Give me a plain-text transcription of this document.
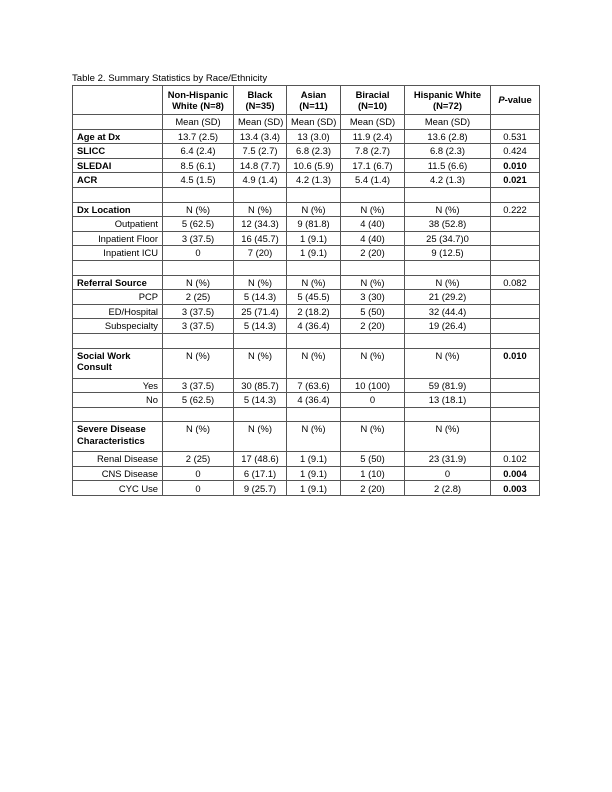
Table 2. Summary Statistics by Race/Ethnicity
	Non-Hispanic White (N=8)	Black (N=35)	Asian (N=11)	Biracial (N=10)	Hispanic White (N=72)	P-value
	Mean (SD)	Mean (SD)	Mean (SD)	Mean (SD)	Mean (SD)	
Age at Dx	13.7 (2.5)	13.4 (3.4)	13 (3.0)	11.9 (2.4)	13.6 (2.8)	0.531
SLICC	6.4 (2.4)	7.5 (2.7)	6.8 (2.3)	7.8 (2.7)	6.8 (2.3)	0.424
SLEDAI	8.5 (6.1)	14.8 (7.7)	10.6 (5.9)	17.1 (6.7)	11.5 (6.6)	0.010
ACR	4.5 (1.5)	4.9 (1.4)	4.2 (1.3)	5.4 (1.4)	4.2 (1.3)	0.021

Dx Location	N (%)	N (%)	N (%)	N (%)	N (%)	0.222
Outpatient	5 (62.5)	12 (34.3)	9 (81.8)	4 (40)	38 (52.8)	
Inpatient Floor	3 (37.5)	16 (45.7)	1 (9.1)	4 (40)	25 (34.7)0	
Inpatient ICU	0	7 (20)	1 (9.1)	2 (20)	9 (12.5)	

Referral Source	N (%)	N (%)	N (%)	N (%)	N (%)	0.082
PCP	2 (25)	5 (14.3)	5 (45.5)	3 (30)	21 (29.2)	
ED/Hospital	3 (37.5)	25 (71.4)	2 (18.2)	5 (50)	32 (44.4)	
Subspecialty	3 (37.5)	5 (14.3)	4 (36.4)	2 (20)	19 (26.4)	

Social Work Consult	N (%)	N (%)	N (%)	N (%)	N (%)	0.010
Yes	3 (37.5)	30 (85.7)	7 (63.6)	10 (100)	59 (81.9)	
No	5 (62.5)	5 (14.3)	4 (36.4)	0	13 (18.1)	

Severe Disease Characteristics	N (%)	N (%)	N (%)	N (%)	N (%)	
Renal Disease	2 (25)	17 (48.6)	1 (9.1)	5 (50)	23 (31.9)	0.102
CNS Disease	0	6 (17.1)	1 (9.1)	1 (10)	0	0.004
CYC Use	0	9 (25.7)	1 (9.1)	2 (20)	2 (2.8)	0.003
